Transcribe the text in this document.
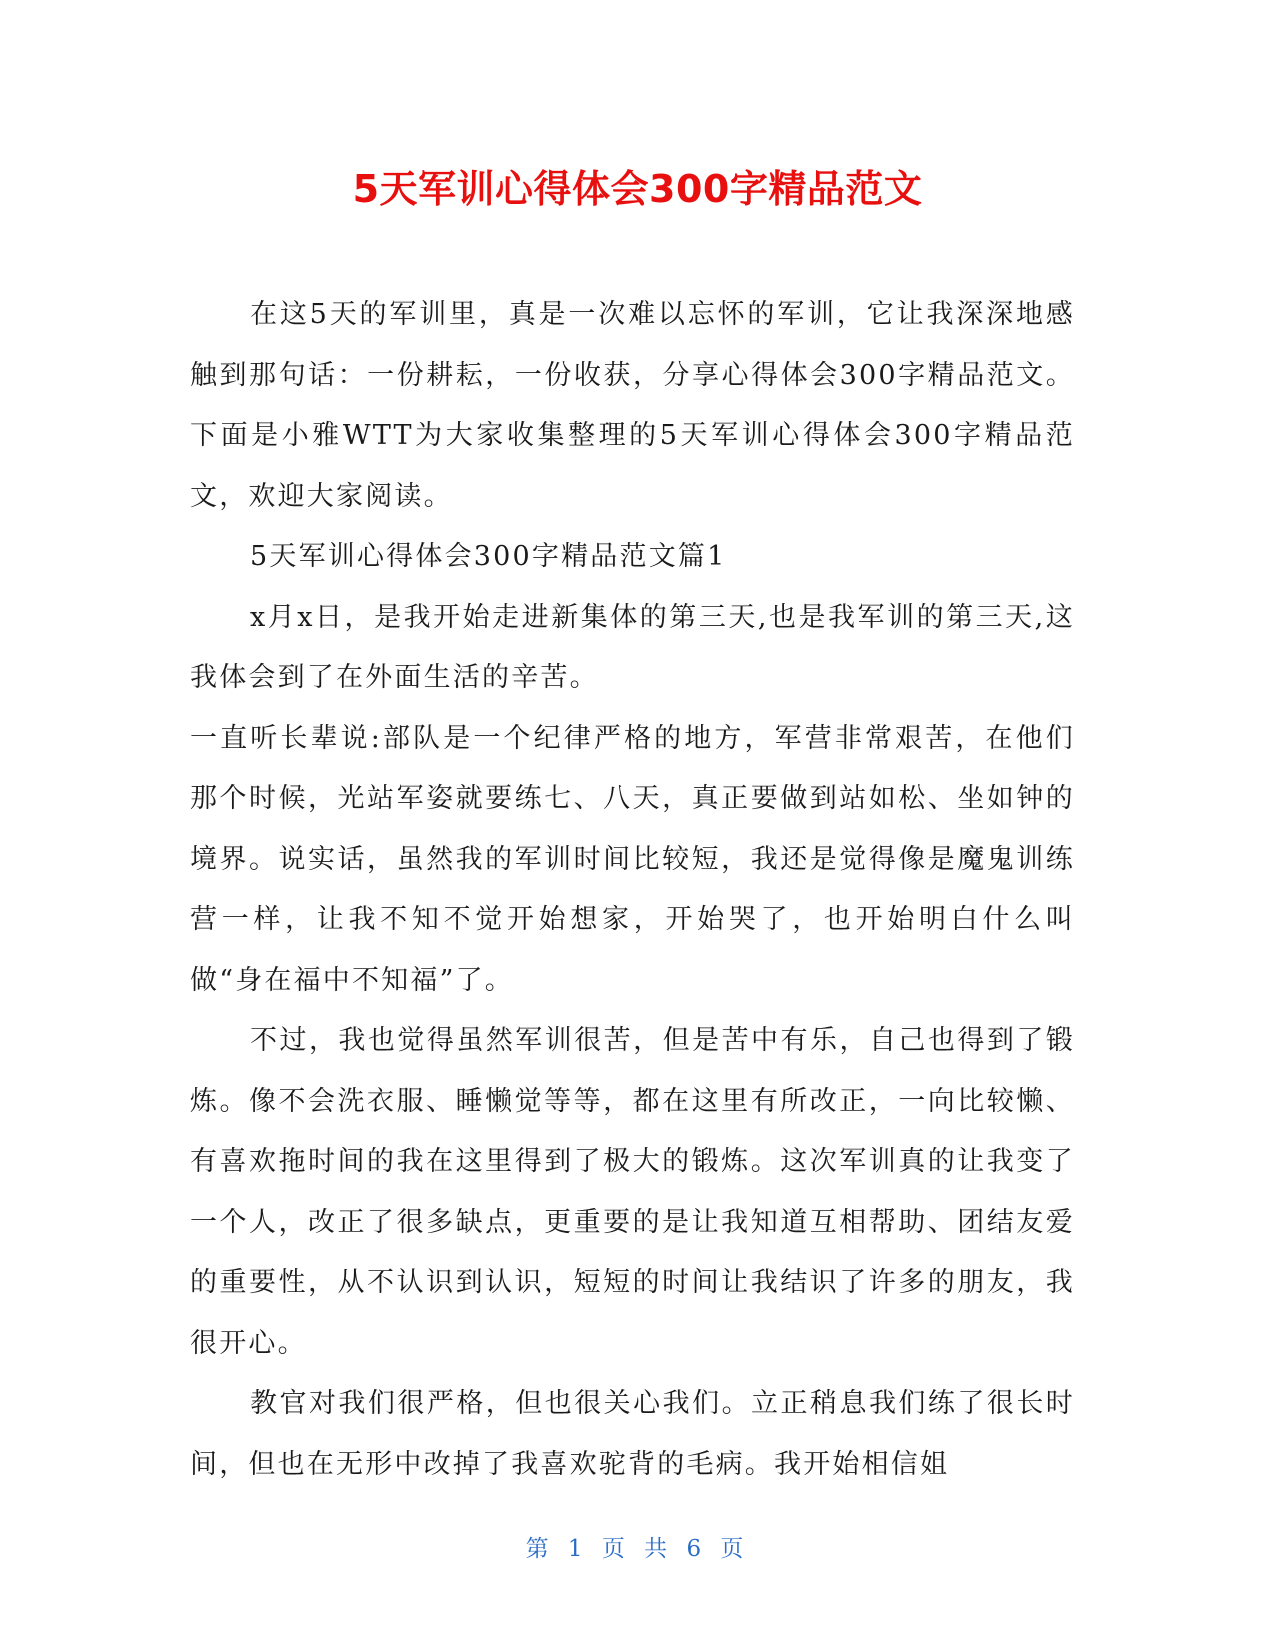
5天军训心得体会300字精品范文

在这5天的军训里，真是一次难以忘怀的军训，它让我深深地感触到那句话：一份耕耘，一份收获，分享心得体会300字精品范文。下面是小雅WTT为大家收集整理的5天军训心得体会300字精品范文，欢迎大家阅读。

5天军训心得体会300字精品范文篇1

x月x日，是我开始走进新集体的第三天,也是我军训的第三天,这我体会到了在外面生活的辛苦。

一直听长辈说:部队是一个纪律严格的地方，军营非常艰苦，在他们那个时候，光站军姿就要练七、八天，真正要做到站如松、坐如钟的境界。说实话，虽然我的军训时间比较短，我还是觉得像是魔鬼训练营一样，让我不知不觉开始想家，开始哭了，也开始明白什么叫做“身在福中不知福”了。

不过，我也觉得虽然军训很苦，但是苦中有乐，自己也得到了锻炼。像不会洗衣服、睡懒觉等等，都在这里有所改正，一向比较懒、有喜欢拖时间的我在这里得到了极大的锻炼。这次军训真的让我变了一个人，改正了很多缺点，更重要的是让我知道互相帮助、团结友爱的重要性，从不认识到认识，短短的时间让我结识了许多的朋友，我很开心。

教官对我们很严格，但也很关心我们。立正稍息我们练了很长时间，但也在无形中改掉了我喜欢驼背的毛病。我开始相信姐

第 1 页 共 6 页
